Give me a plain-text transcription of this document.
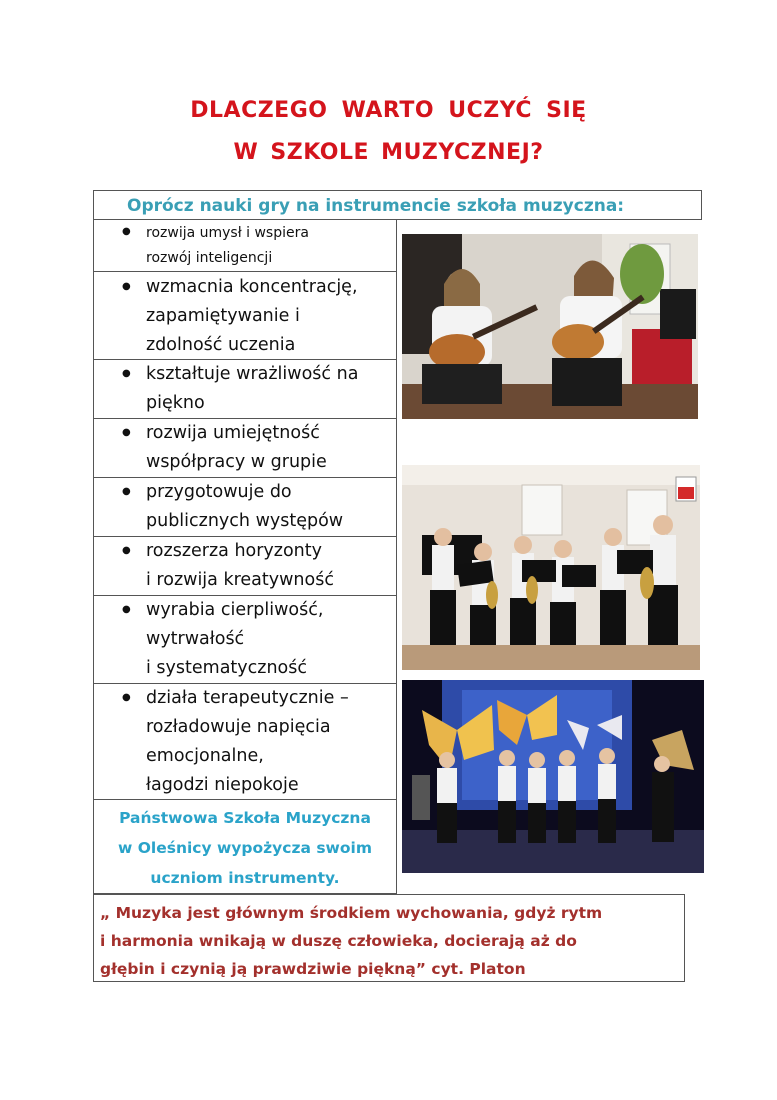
DLACZEGO WARTO UCZYĆ SIĘ
W SZKOLE MUZYCZNEJ?
Oprócz nauki gry na instrumencie szkoła muzyczna:
● rozwija umysł i wspiera
rozwój inteligencji
● wzmacnia koncentrację,
zapamiętywanie i
zdolność uczenia
● kształtuje wrażliwość na
piękno
● rozwija umiejętność
współpracy w grupie
● przygotowuje do
publicznych występów
● rozszerza horyzonty
i rozwija kreatywność
● wyrabia cierpliwość,
wytrwałość
i systematyczność
● działa terapeutycznie –
rozładowuje napięcia
emocjonalne,
łagodzi niepokoje
Państwowa Szkoła Muzyczna
w Oleśnicy wypożycza swoim
uczniom instrumenty.
„ Muzyka jest głównym środkiem wychowania, gdyż rytm
i harmonia wnikają w duszę człowieka, docierają aż do
głębin i czynią ją prawdziwie piękną” cyt. Platon
